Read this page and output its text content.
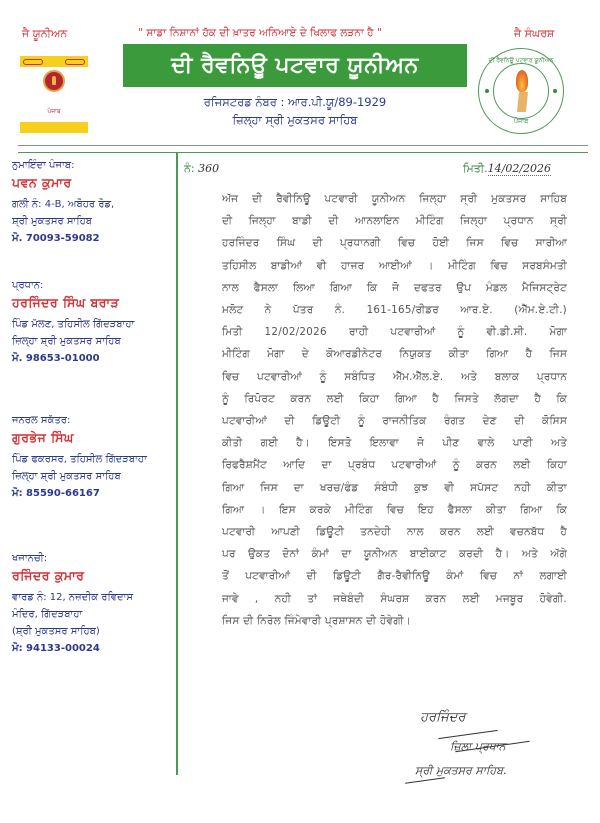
ਜੈ ਯੂਨੀਅਨ	" ਸਾਡਾ ਨਿਸ਼ਾਨਾਂ ਹੱਕ ਦੀ ਖ਼ਾਤਰ ਅਨਿਆਏ ਦੇ ਖਿਲਾਫ ਲੜਨਾ ਹੈ "	ਜੈ ਸੰਘਰਸ਼
ਪੰਜਾਬ
ਦੀ ਰੈਵਨਿਊ ਪਟਵਾਰ ਯੂਨੀਅਨ
ਰਜਿਸਟਰਡ ਨੰਬਰ : ਆਰ.ਪੀ.ਯੂ/89-1929
ਜ਼ਿਲ੍ਹਾ ਸ੍ਰੀ ਮੁਕਤਸਰ ਸਾਹਿਬ
ਦੀ ਰੈਵਨਿਊ ਪਟਵਾਰ ਯੂਨੀਅਨ
ਪੰਜਾਬ
ਨੁਮਾਇੰਦਾ ਪੰਜਾਬ:
ਪਵਨ ਕੁਮਾਰ
ਗਲੀ ਨੰ: 4-B, ਅਬੋਹਰ ਰੋਡ,
ਸ਼੍ਰੀ ਮੁਕਤਸਰ ਸਾਹਿਬ
ਮੋ. 70093-59082
ਪ੍ਰਧਾਨ:
ਹਰਜਿੰਦਰ ਸਿੰਘ ਬਰਾੜ
ਪਿੰਡ ਮੱਲਣ, ਤਹਿਸੀਲ ਗਿੱਦੜਬਾਹਾ
ਜ਼ਿਲ੍ਹਾ ਸ਼੍ਰੀ ਮੁਕਤਸਰ ਸਾਹਿਬ
ਮੋ. 98653-01000
ਜਨਰਲ ਸਕੱਤਰ:
ਗੁਰਭੇਜ ਸਿੰਘ
ਪਿੰਡ ਫਕਰਸਰ, ਤਹਿਸੀਲ ਗਿੱਦੜਬਾਹਾ
ਜ਼ਿਲ੍ਹਾ ਸ਼੍ਰੀ ਮੁਕਤਸਰ ਸਾਹਿਬ
ਮੋ: 85590-66167
ਖਜਾਨਚੀ:
ਰਜਿੰਦਰ ਕੁਮਾਰ
ਵਾਰਡ ਨੰ: 12, ਨਜ਼ਦੀਕ ਰਵਿਦਾਸ
ਮੰਦਿਰ, ਗਿੱਦੜਬਾਹਾ
(ਸ਼੍ਰੀ ਮੁਕਤਸਰ ਸਾਹਿਬ)
ਮੋ: 94133-00024
ਨੰ: 360	ਮਿਤੀ.14/02/2026
ਅੱਜ ਦੀ ਰੈਵੀਨਿਊ ਪਟਵਾਰੀ ਯੂਨੀਅਨ ਜਿਲ੍ਹਾ ਸ੍ਰੀ ਮੁਕਤਸਰ ਸਾਹਿਬ
ਦੀ ਜਿਲ੍ਹਾ ਬਾਡੀ ਦੀ ਆਨਲਾਇਨ ਮੀਟਿੰਗ ਜਿਲ੍ਹਾ ਪ੍ਰਧਾਨ ਸ੍ਰੀ
ਹਰਜਿੰਦਰ ਸਿੰਘ ਦੀ ਪ੍ਰਧਾਨਗੀ ਵਿਚ ਹੋਈ ਜਿਸ ਵਿਚ ਸਾਰੀਆ
ਤਹਿਸੀਲ ਬਾਡੀਆਂ ਵੀ ਹਾਜਰ ਆਈਆਂ । ਮੀਟਿੰਗ ਵਿਚ ਸਰਬਸੰਮਤੀ
ਨਾਲ ਫੈਸਲਾ ਲਿਆ ਗਿਆ ਕਿ ਜੋ ਦਫਤਰ ਉਪ ਮੰਡਲ ਮੈਜਿਸਟ੍ਰੇਟ
ਮਲੋਟ ਨੇ ਪੱਤਰ ਨੰ. 161-165/ਰੀਡਰ ਆਰ.ਏ. (ਐੱਮ.ਏ.ਟੀ.)
ਮਿਤੀ 12/02/2026 ਰਾਹੀ ਪਟਵਾਰੀਆਂ ਨੂੰ ਵੀ.ਡੀ.ਸੀ. ਮੋਗਾ
ਮੀਟਿੰਗ ਮੋਗਾ ਦੇ ਕੋਆਰਡੀਨੇਟਰ ਨਿਯੁਕਤ ਕੀਤਾ ਗਿਆ ਹੈ ਜਿਸ
ਵਿਚ ਪਟਵਾਰੀਆਂ ਨੂੰ ਸਬੰਧਿਤ ਐੱਮ.ਐੱਲ.ਏ. ਅਤੇ ਬਲਾਕ ਪ੍ਰਧਾਨ
ਨੂੰ ਰਿਪੋਰਟ ਕਰਨ ਲਈ ਕਿਹਾ ਗਿਆ ਹੈ ਜਿਸਤੇ ਲੱਗਦਾ ਹੈ ਕਿ
ਪਟਵਾਰੀਆਂ ਦੀ ਡਿਊਟੀ ਨੂੰ ਰਾਜਨੀਤਿਕ ਰੰਗਤ ਦੇਣ ਦੀ ਕੋਸਿਸ
ਕੀਤੀ ਗਈ ਹੈ। ਇਸਤੋ ਇਲਾਵਾ ਜੋ ਪੀਣ ਵਾਲੇ ਪਾਣੀ ਅਤੇ
ਰਿਫਰੈਸ਼ਮੈਂਟ ਆਦਿ ਦਾ ਪ੍ਰਬੰਧ ਪਟਵਾਰੀਆਂ ਨੂੰ ਕਰਨ ਲਈ ਕਿਹਾ
ਗਿਆ ਜਿਸ ਦਾ ਖਰਚ/ਫੰਡ ਸੰਬੰਧੀ ਕੁਝ ਵੀ ਸਪੱਸਟ ਨਹੀ ਕੀਤਾ
ਗਿਆ । ਇਸ ਕਰਕੇ ਮੀਟਿੰਗ ਵਿਚ ਇਹ ਫੈਸਲਾ ਕੀਤਾ ਗਿਆ ਕਿ
ਪਟਵਾਰੀ ਆਪਣੀ ਡਿਊਟੀ ਤਨਦੇਹੀ ਨਾਲ ਕਰਨ ਲਈ ਵਚਨਬੱਧ ਹੈ
ਪਰ ਉਕਤ ਦੋਨਾਂ ਕੰਮਾਂ ਦਾ ਯੂਨੀਅਨ ਬਾਈਕਾਟ ਕਰਦੀ ਹੈ। ਅਤੇ ਅੱਗੇ
ਤੋਂ ਪਟਵਾਰੀਆਂ ਦੀ ਡਿਊਟੀ ਗੈਰ-ਰੈਵੀਨਿਊ ਕੰਮਾਂ ਵਿਚ ਨਾਂ ਲਗਾਈ
ਜਾਵੇ , ਨਹੀ ਤਾਂ ਜਥੇਬੰਦੀ ਸੰਘਰਸ਼ ਕਰਨ ਲਈ ਮਜਬੂਰ ਹੋਵੇਗੀ.
ਜਿਸ ਦੀ ਨਿਰੋਲ ਜਿੰਮੇਵਾਰੀ ਪ੍ਰਸ਼ਾਸਨ ਦੀ ਹੋਵੇਗੀ।
ਹਰਜਿੰਦਰ
ਜ਼ਿਲਾ ਪ੍ਰਧਾਨ
ਸ੍ਰੀ ਮੁਕਤਸਰ ਸਾਹਿਬ.
